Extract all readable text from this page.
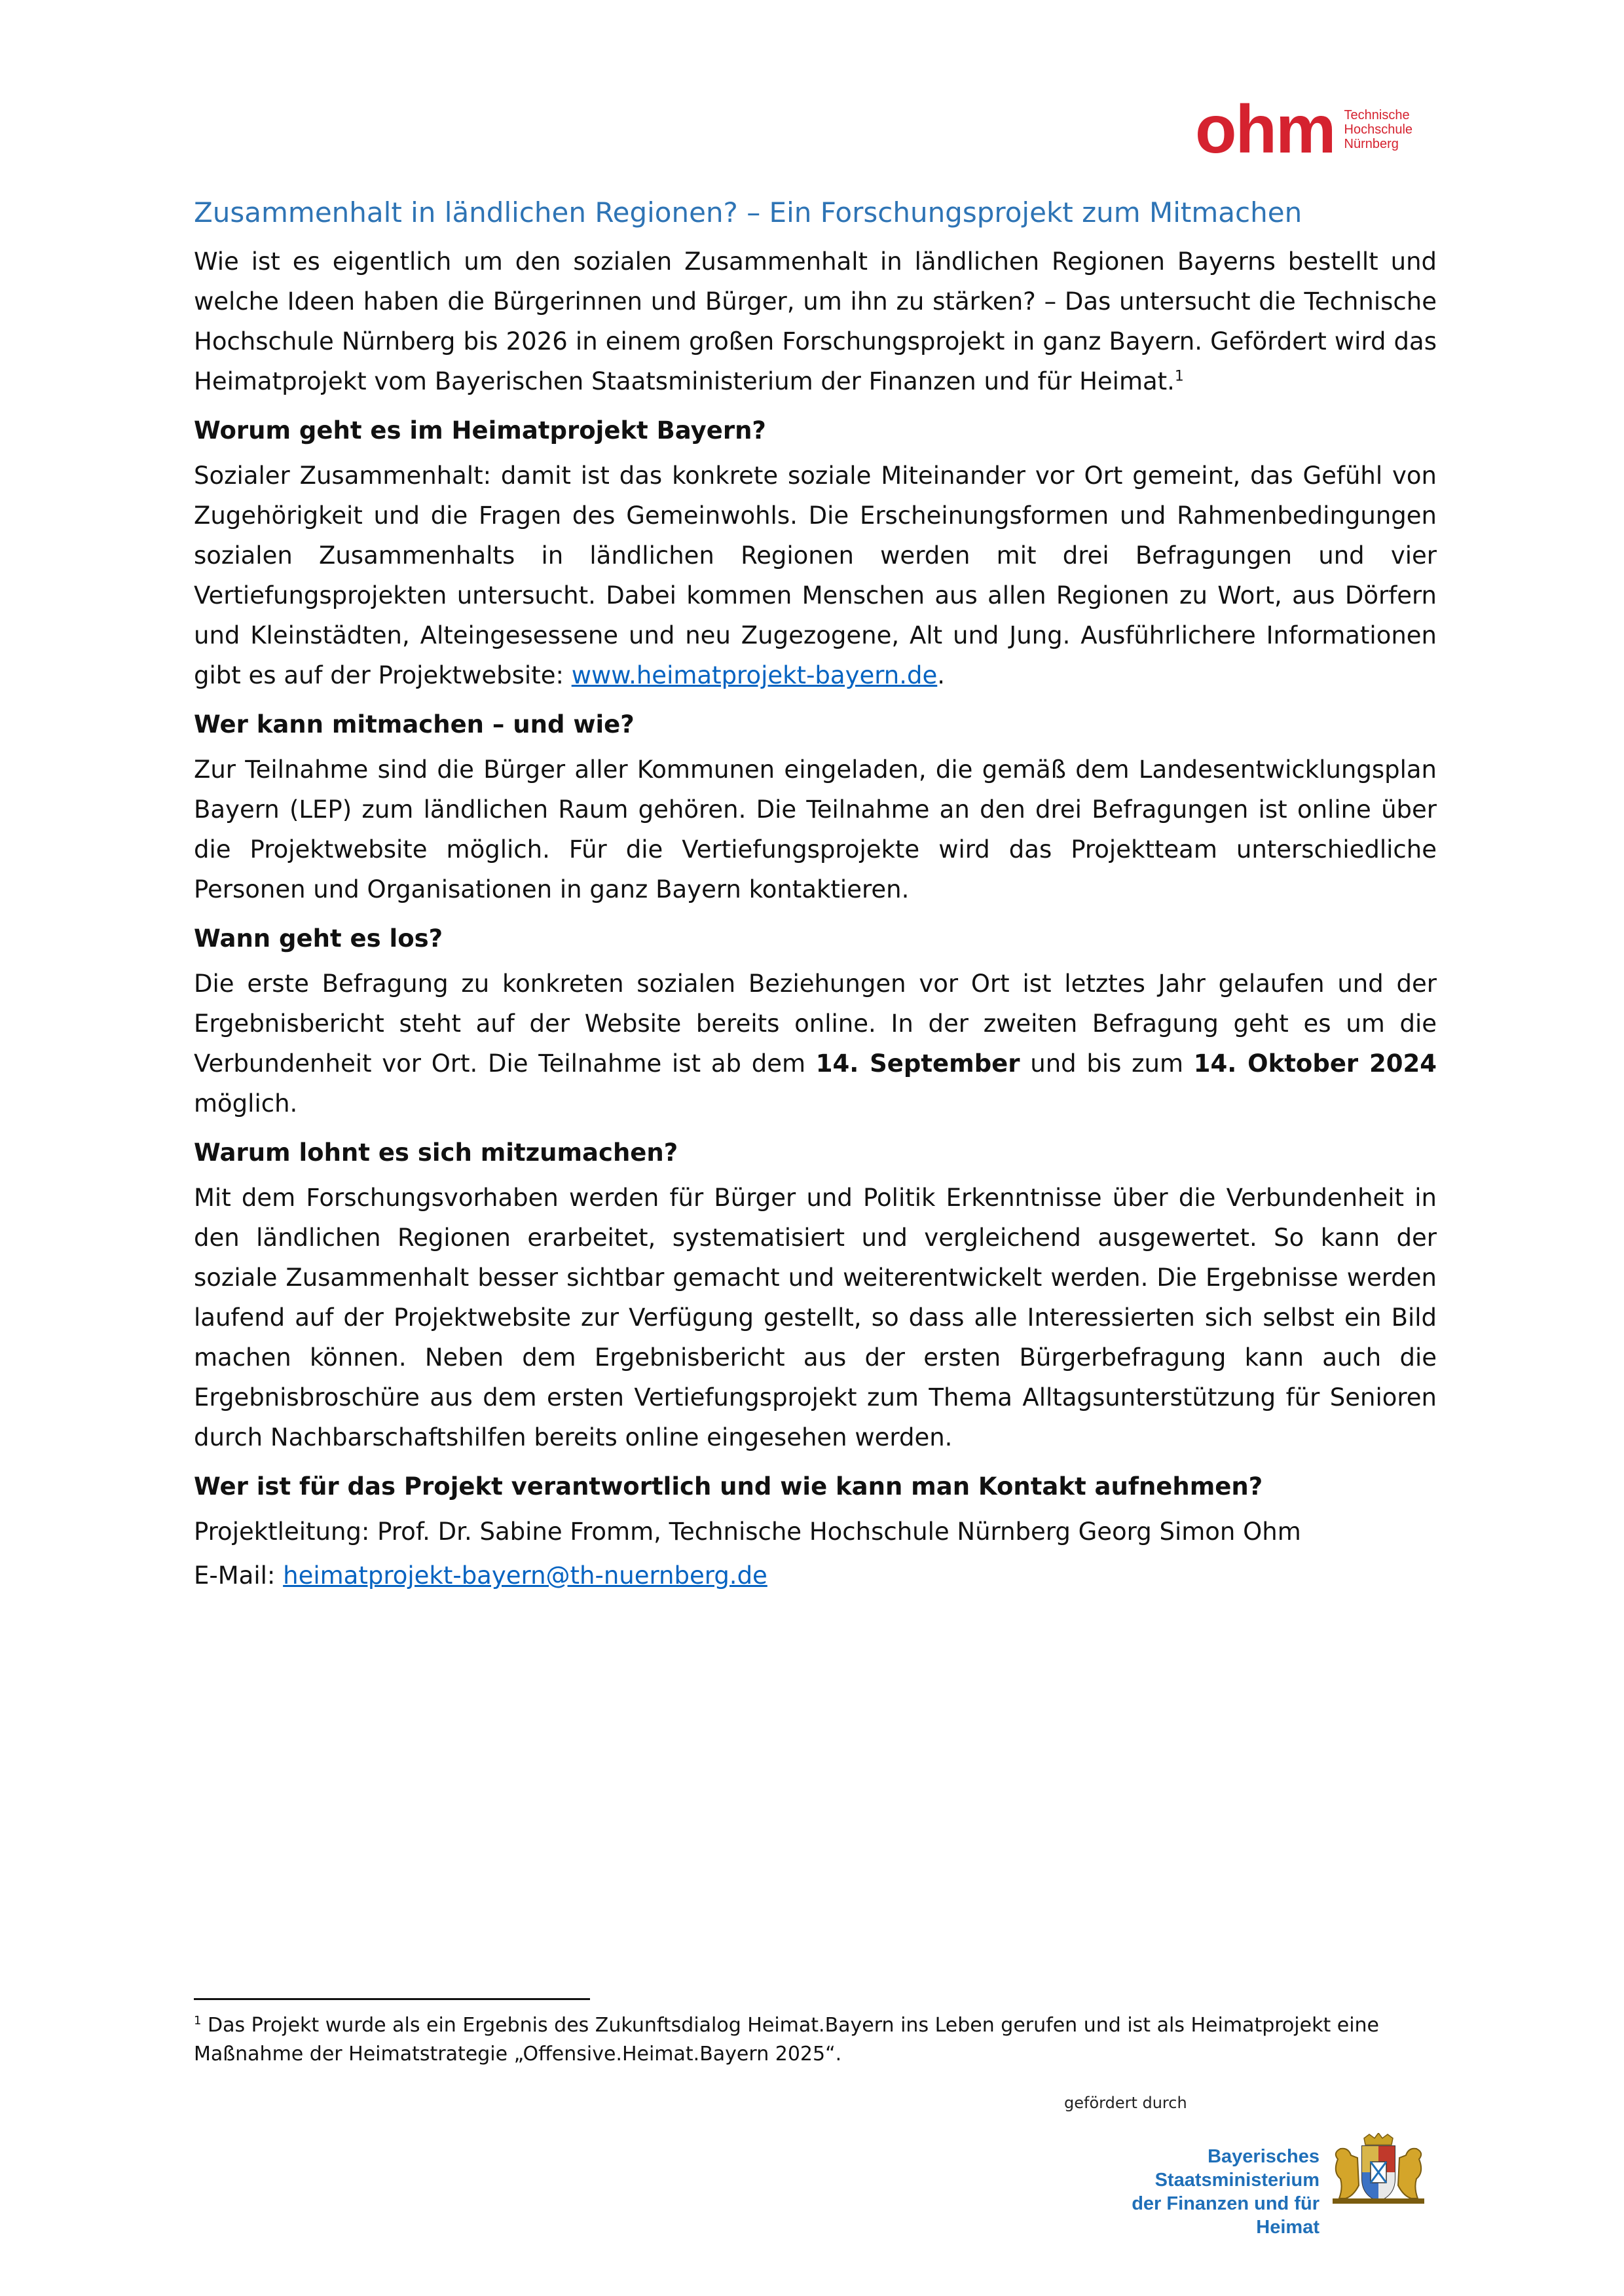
ohm Technische
Hochschule
Nürnberg
Zusammenhalt in ländlichen Regionen? – Ein Forschungsprojekt zum Mitmachen

Wie ist es eigentlich um den sozialen Zusammenhalt in ländlichen Regionen Bayerns bestellt und welche Ideen haben die Bürgerinnen und Bürger, um ihn zu stärken? – Das untersucht die Technische Hochschule Nürnberg bis 2026 in einem großen Forschungsprojekt in ganz Bayern. Gefördert wird das Heimatprojekt vom Bayerischen Staatsministerium der Finanzen und für Heimat.$^1$

Worum geht es im Heimatprojekt Bayern?

Sozialer Zusammenhalt: damit ist das konkrete soziale Miteinander vor Ort gemeint, das Gefühl von Zugehörigkeit und die Fragen des Gemeinwohls. Die Erscheinungsformen und Rahmenbedingungen sozialen Zusammenhalts in ländlichen Regionen werden mit drei Befragungen und vier Vertiefungsprojekten untersucht. Dabei kommen Menschen aus allen Regionen zu Wort, aus Dörfern und Kleinstädten, Alteingesessene und neu Zugezogene, Alt und Jung. Ausführlichere Informationen gibt es auf der Projektwebsite: www.heimatprojekt-bayern.de.

Wer kann mitmachen – und wie?

Zur Teilnahme sind die Bürger aller Kommunen eingeladen, die gemäß dem Landesentwicklungsplan Bayern (LEP) zum ländlichen Raum gehören. Die Teilnahme an den drei Befragungen ist online über die Projektwebsite möglich. Für die Vertiefungsprojekte wird das Projektteam unterschiedliche Personen und Organisationen in ganz Bayern kontaktieren.

Wann geht es los?

Die erste Befragung zu konkreten sozialen Beziehungen vor Ort ist letztes Jahr gelaufen und der Ergebnisbericht steht auf der Website bereits online. In der zweiten Befragung geht es um die Verbundenheit vor Ort. Die Teilnahme ist ab dem 14. September und bis zum 14. Oktober 2024 möglich.

Warum lohnt es sich mitzumachen?

Mit dem Forschungsvorhaben werden für Bürger und Politik Erkenntnisse über die Verbundenheit in den ländlichen Regionen erarbeitet, systematisiert und vergleichend ausgewertet. So kann der soziale Zusammenhalt besser sichtbar gemacht und weiterentwickelt werden. Die Ergebnisse werden laufend auf der Projektwebsite zur Verfügung gestellt, so dass alle Interessierten sich selbst ein Bild machen können. Neben dem Ergebnisbericht aus der ersten Bürgerbefragung kann auch die Ergebnisbroschüre aus dem ersten Vertiefungsprojekt zum Thema Alltagsunterstützung für Senioren durch Nachbarschaftshilfen bereits online eingesehen werden.

Wer ist für das Projekt verantwortlich und wie kann man Kontakt aufnehmen?

Projektleitung: Prof. Dr. Sabine Fromm, Technische Hochschule Nürnberg Georg Simon Ohm

E-Mail: heimatprojekt-bayern@th-nuernberg.de

$^1$ Das Projekt wurde als ein Ergebnis des Zukunftsdialog Heimat.Bayern ins Leben gerufen und ist als Heimatprojekt eine Maßnahme der Heimatstrategie „Offensive.Heimat.Bayern 2025“.
gefördert durch
Bayerisches Staatsministerium
der Finanzen und für Heimat
